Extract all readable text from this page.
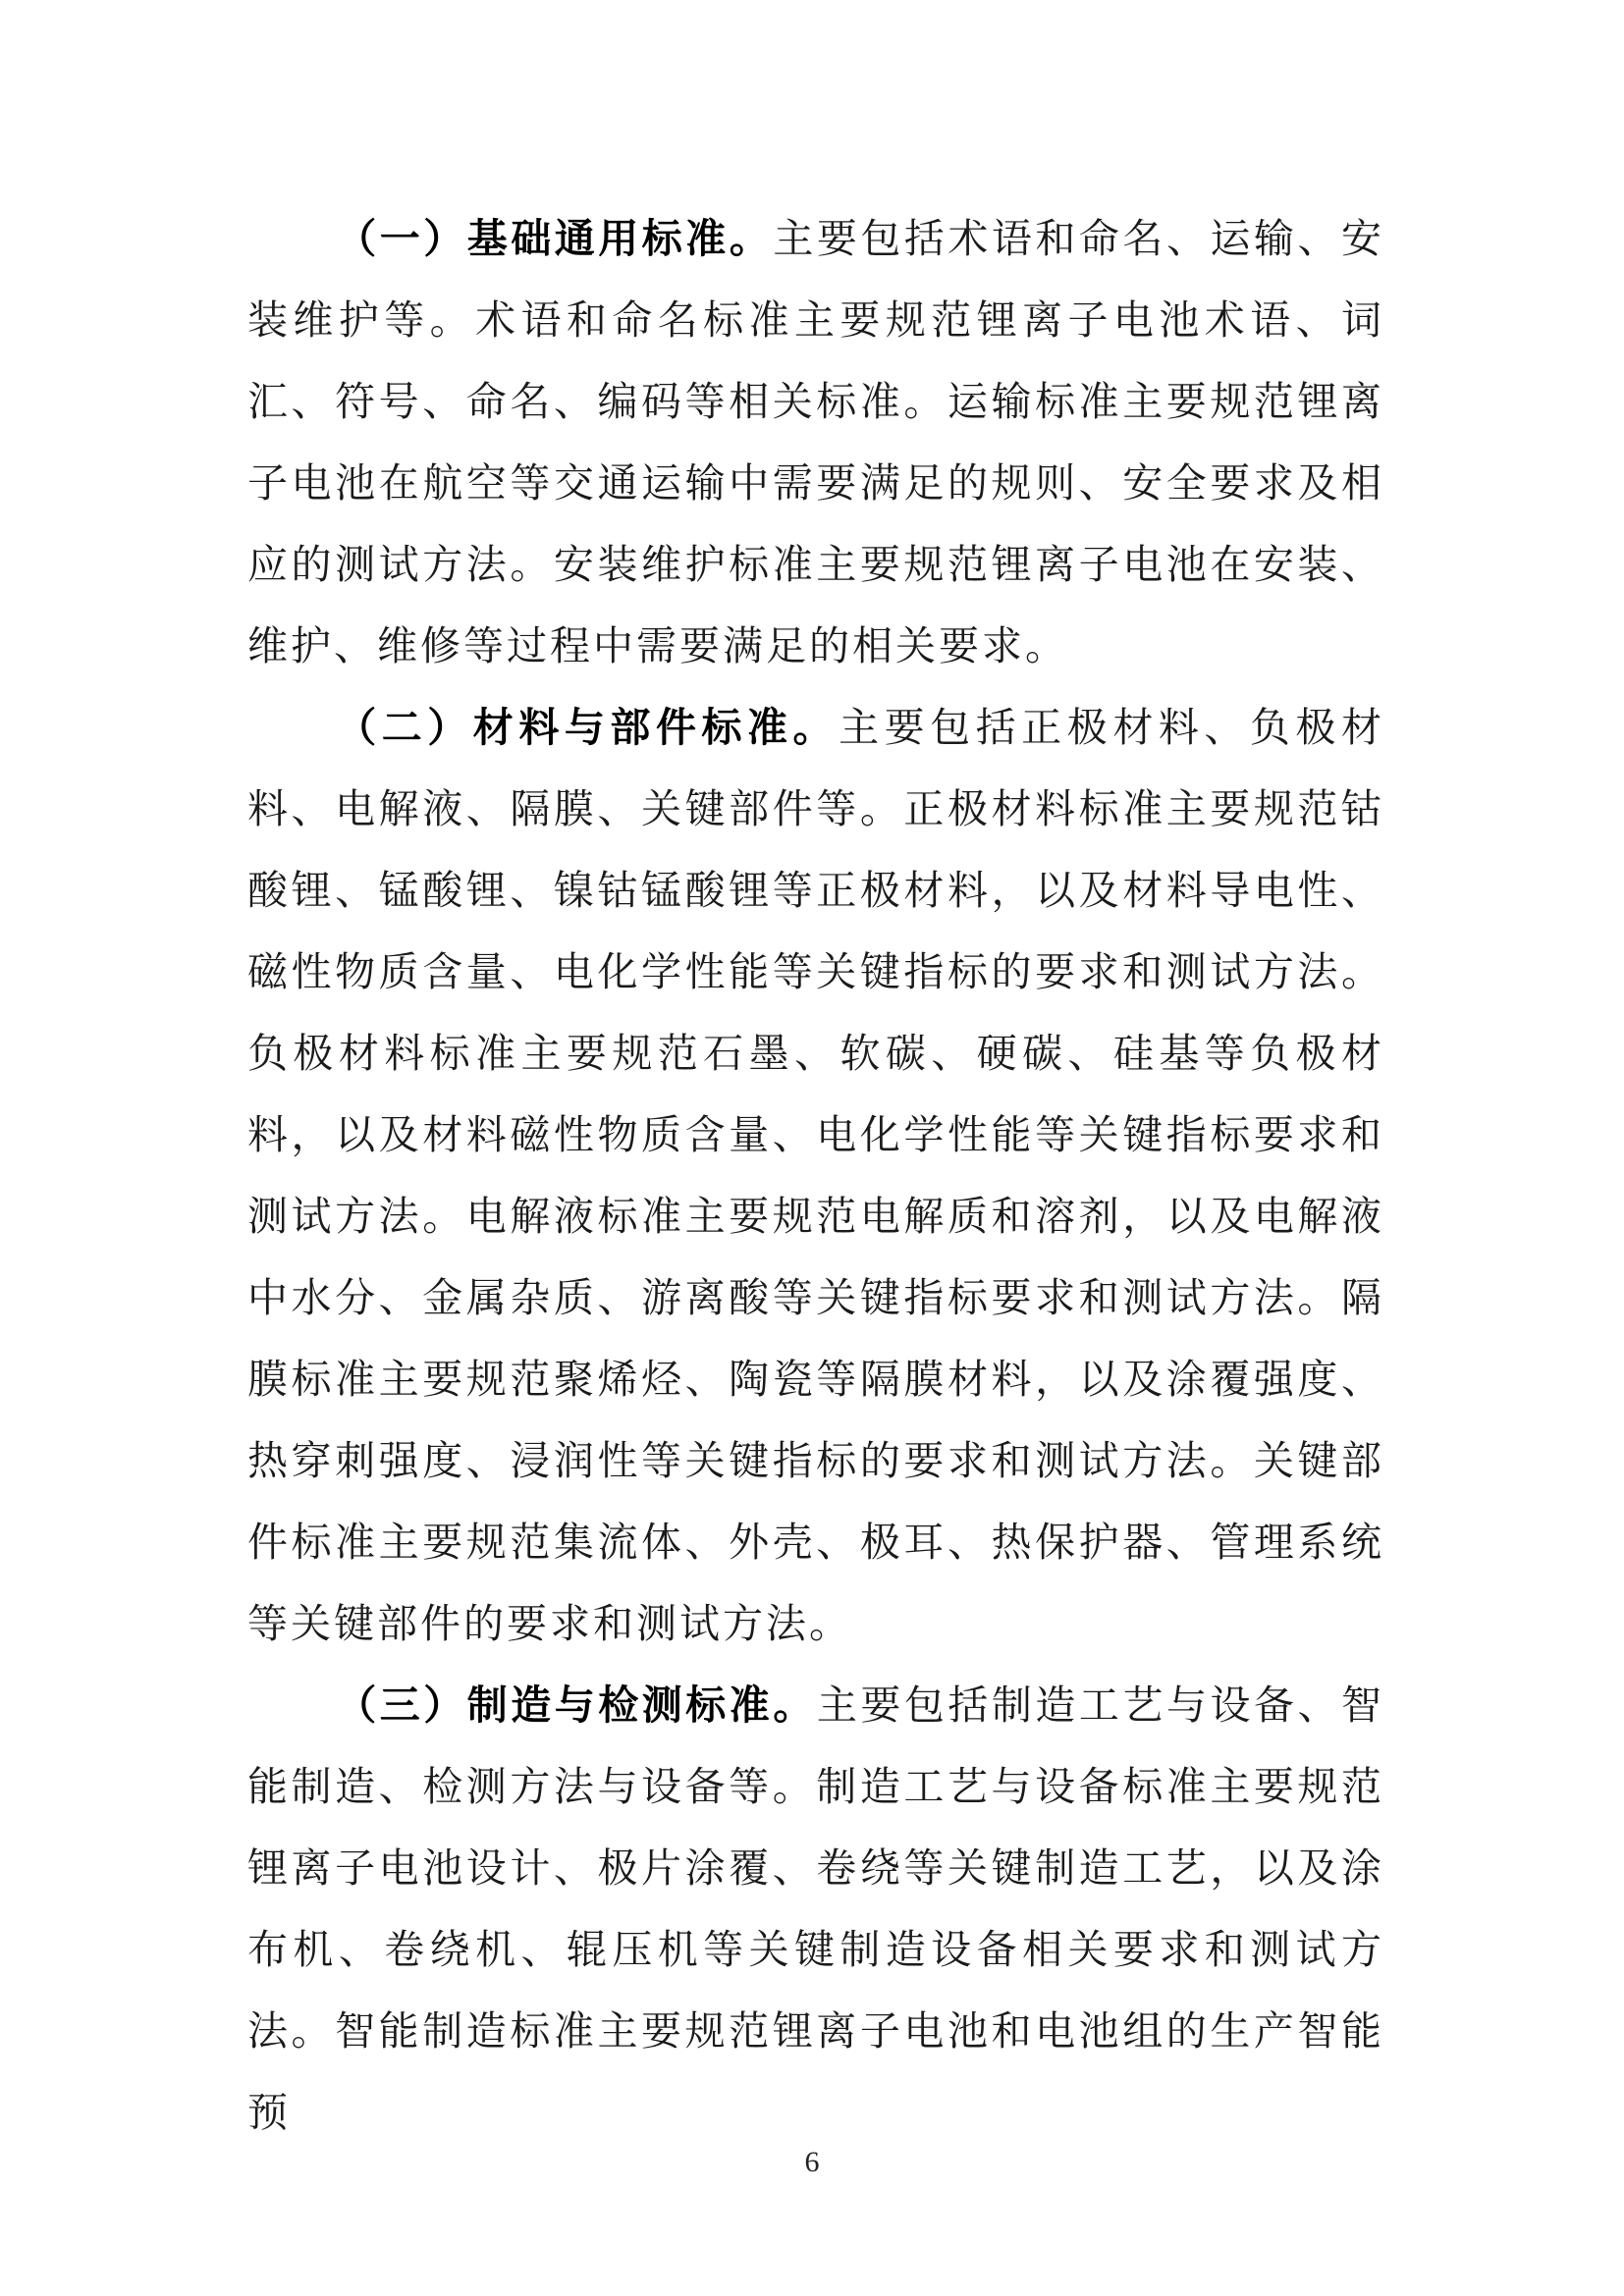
（一）基础通用标准。主要包括术语和命名、运输、安装维护等。术语和命名标准主要规范锂离子电池术语、词汇、符号、命名、编码等相关标准。运输标准主要规范锂离子电池在航空等交通运输中需要满足的规则、安全要求及相应的测试方法。安装维护标准主要规范锂离子电池在安装、维护、维修等过程中需要满足的相关要求。

（二）材料与部件标准。主要包括正极材料、负极材料、电解液、隔膜、关键部件等。正极材料标准主要规范钴酸锂、锰酸锂、镍钴锰酸锂等正极材料，以及材料导电性、磁性物质含量、电化学性能等关键指标的要求和测试方法。负极材料标准主要规范石墨、软碳、硬碳、硅基等负极材料，以及材料磁性物质含量、电化学性能等关键指标要求和测试方法。电解液标准主要规范电解质和溶剂，以及电解液中水分、金属杂质、游离酸等关键指标要求和测试方法。隔膜标准主要规范聚烯烃、陶瓷等隔膜材料，以及涂覆强度、热穿刺强度、浸润性等关键指标的要求和测试方法。关键部件标准主要规范集流体、外壳、极耳、热保护器、管理系统等关键部件的要求和测试方法。

（三）制造与检测标准。主要包括制造工艺与设备、智能制造、检测方法与设备等。制造工艺与设备标准主要规范锂离子电池设计、极片涂覆、卷绕等关键制造工艺，以及涂布机、卷绕机、辊压机等关键制造设备相关要求和测试方法。智能制造标准主要规范锂离子电池和电池组的生产智能预

6
